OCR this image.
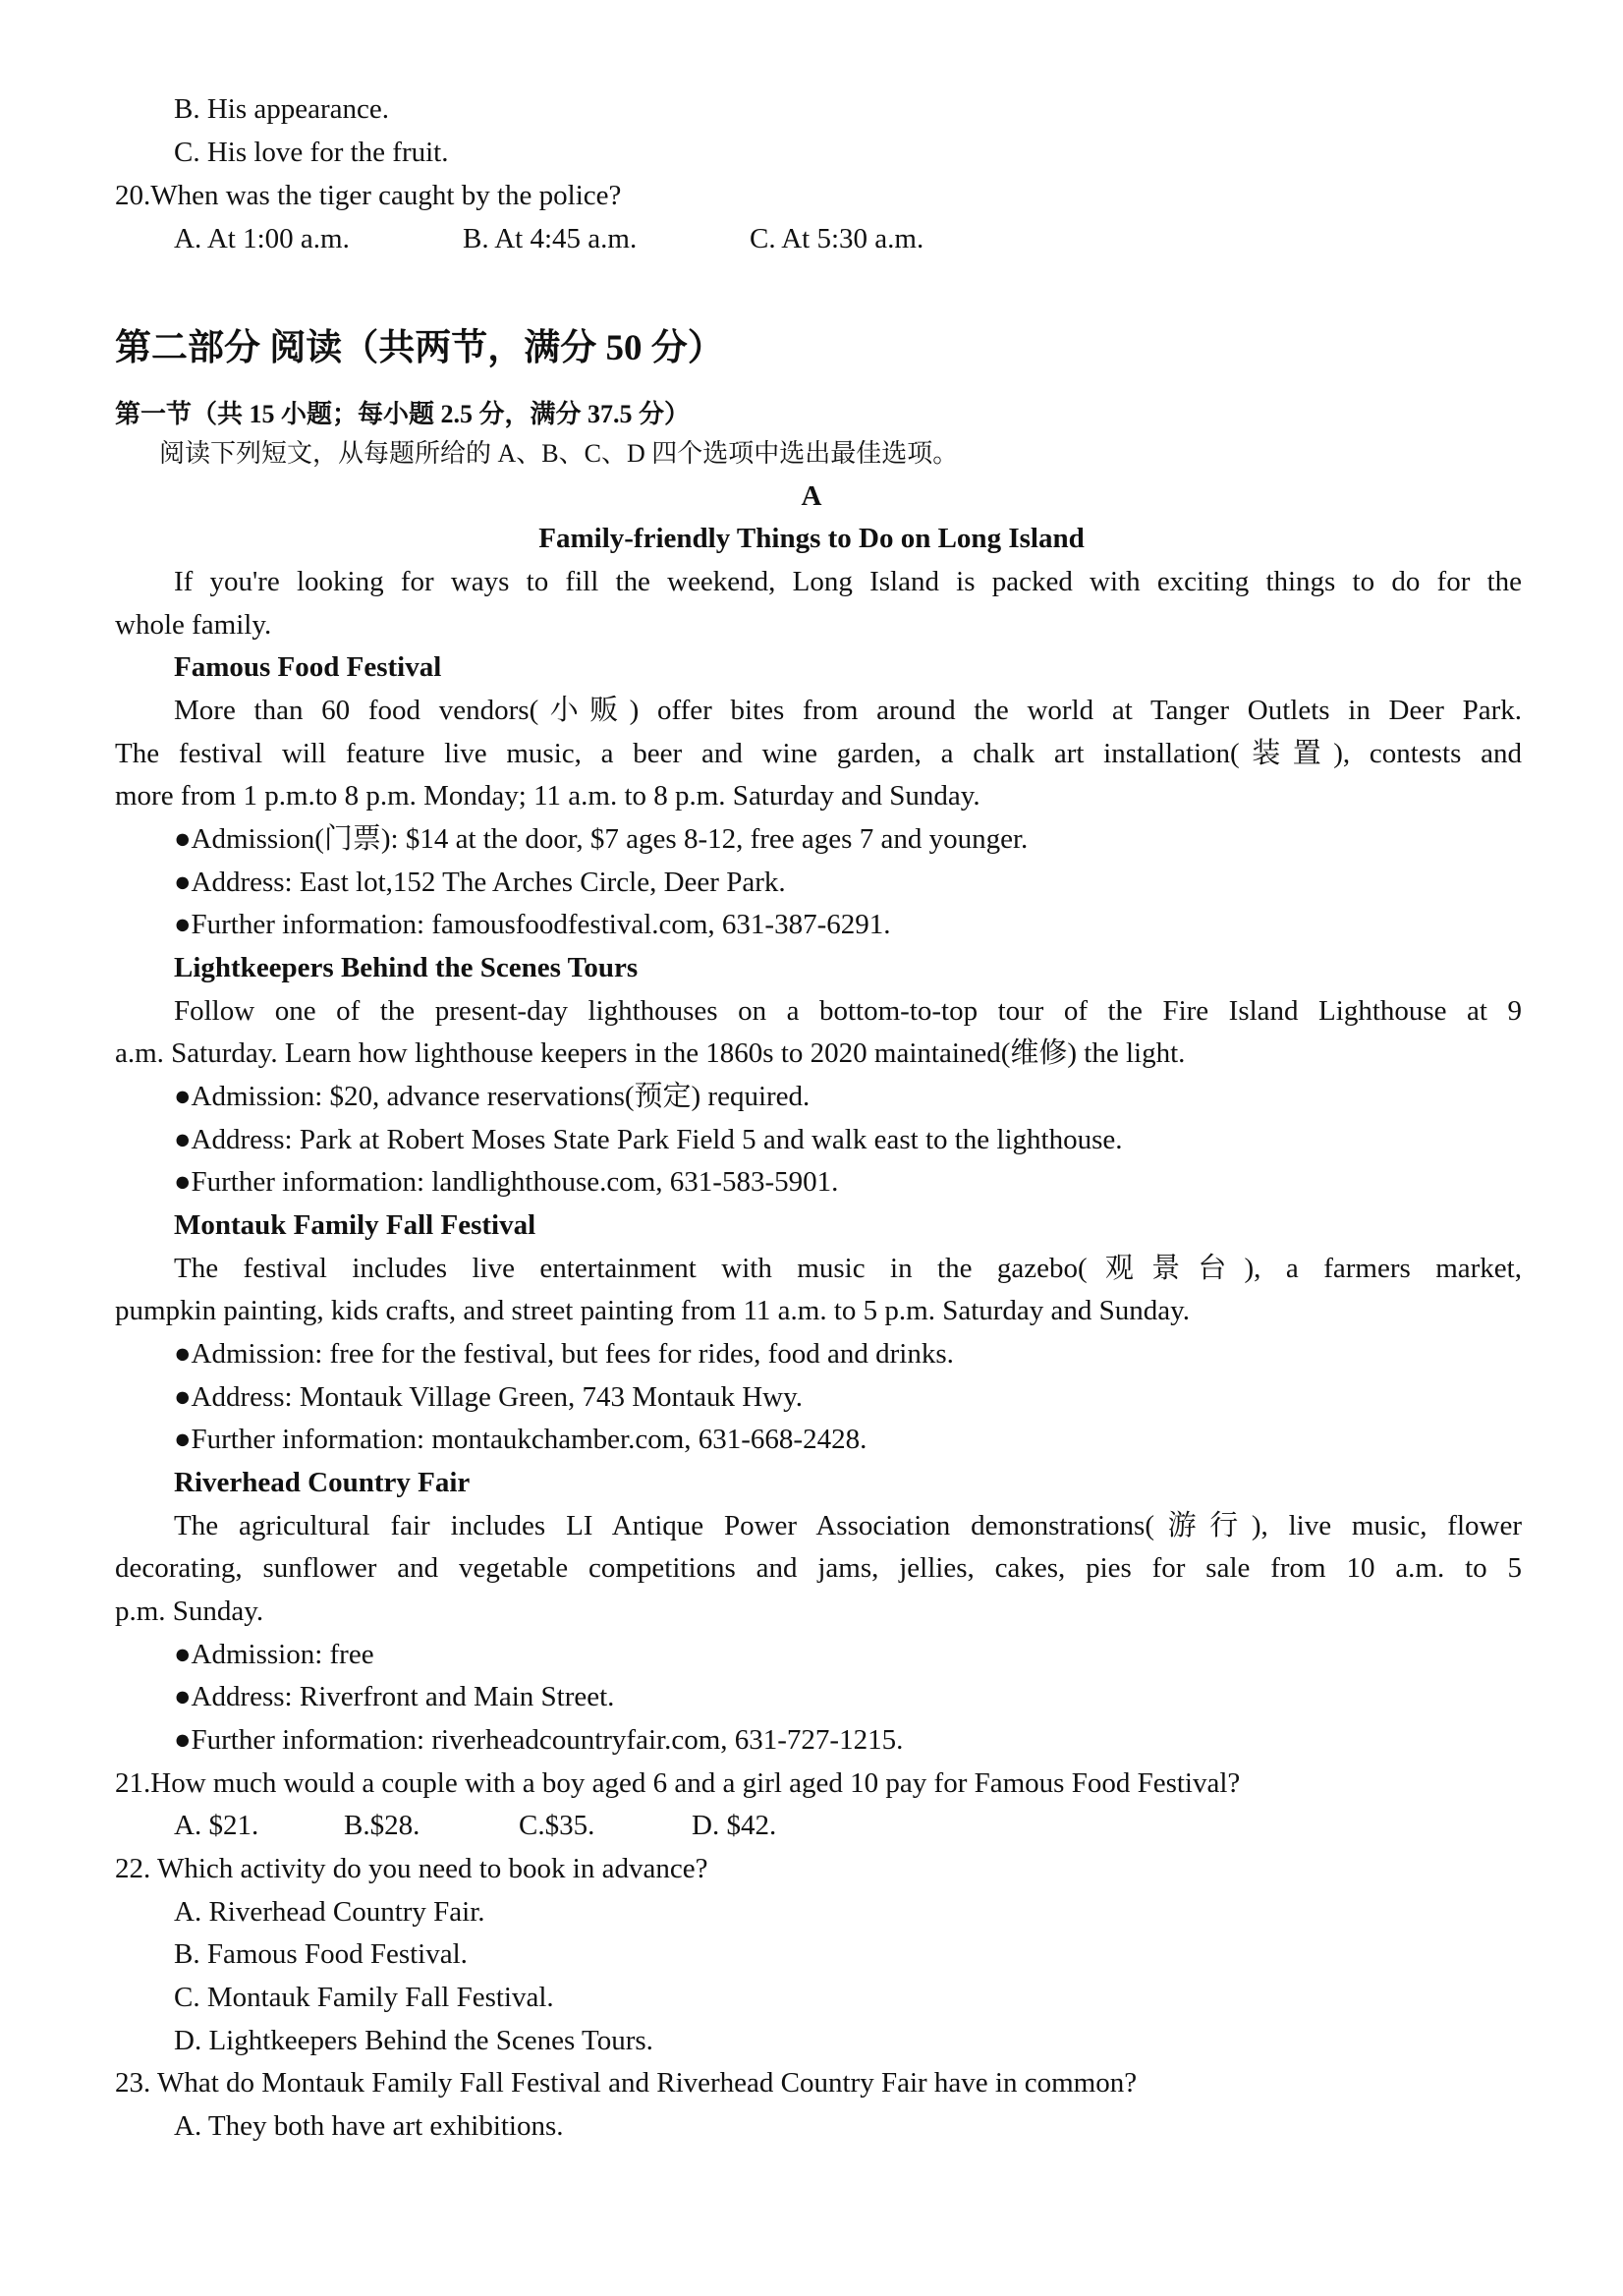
B. His appearance.
C. His love for the fruit.
20.When was the tiger caught by the police?
A. At 1:00 a.m.	B. At 4:45 a.m.	C. At 5:30 a.m.
第二部分 阅读（共两节，满分 50 分）
第一节（共 15 小题；每小题 2.5 分，满分 37.5 分）
阅读下列短文，从每题所给的 A、B、C、D 四个选项中选出最佳选项。
A
Family-friendly Things to Do on Long Island
If you're looking for ways to fill the weekend, Long Island is packed with exciting things to do for the
whole family.
Famous Food Festival
More than 60 food vendors(小贩) offer bites from around the world at Tanger Outlets in Deer Park.
The festival will feature live music, a beer and wine garden, a chalk art installation(装置), contests and
more from 1 p.m.to 8 p.m. Monday; 11 a.m. to 8 p.m. Saturday and Sunday.
●Admission(门票): $14 at the door, $7 ages 8-12, free ages 7 and younger.
●Address: East lot,152 The Arches Circle, Deer Park.
●Further information: famousfoodfestival.com, 631-387-6291.
Lightkeepers Behind the Scenes Tours
Follow one of the present-day lighthouses on a bottom-to-top tour of the Fire Island Lighthouse at 9
a.m. Saturday. Learn how lighthouse keepers in the 1860s to 2020 maintained(维修) the light.
●Admission: $20, advance reservations(预定) required.
●Address: Park at Robert Moses State Park Field 5 and walk east to the lighthouse.
●Further information: landlighthouse.com, 631-583-5901.
Montauk Family Fall Festival
The festival includes live entertainment with music in the gazebo(观景台), a farmers market,
pumpkin painting, kids crafts, and street painting from 11 a.m. to 5 p.m. Saturday and Sunday.
●Admission: free for the festival, but fees for rides, food and drinks.
●Address: Montauk Village Green, 743 Montauk Hwy.
●Further information: montaukchamber.com, 631-668-2428.
Riverhead Country Fair
The agricultural fair includes LI Antique Power Association demonstrations(游行), live music, flower
decorating, sunflower and vegetable competitions and jams, jellies, cakes, pies for sale from 10 a.m. to 5
p.m. Sunday.
●Admission: free
●Address: Riverfront and Main Street.
●Further information: riverheadcountryfair.com, 631-727-1215.
21.How much would a couple with a boy aged 6 and a girl aged 10 pay for Famous Food Festival?
A. $21.	B.$28.	C.$35.	D. $42.
22. Which activity do you need to book in advance?
A. Riverhead Country Fair.
B. Famous Food Festival.
C. Montauk Family Fall Festival.
D. Lightkeepers Behind the Scenes Tours.
23. What do Montauk Family Fall Festival and Riverhead Country Fair have in common?
A. They both have art exhibitions.
